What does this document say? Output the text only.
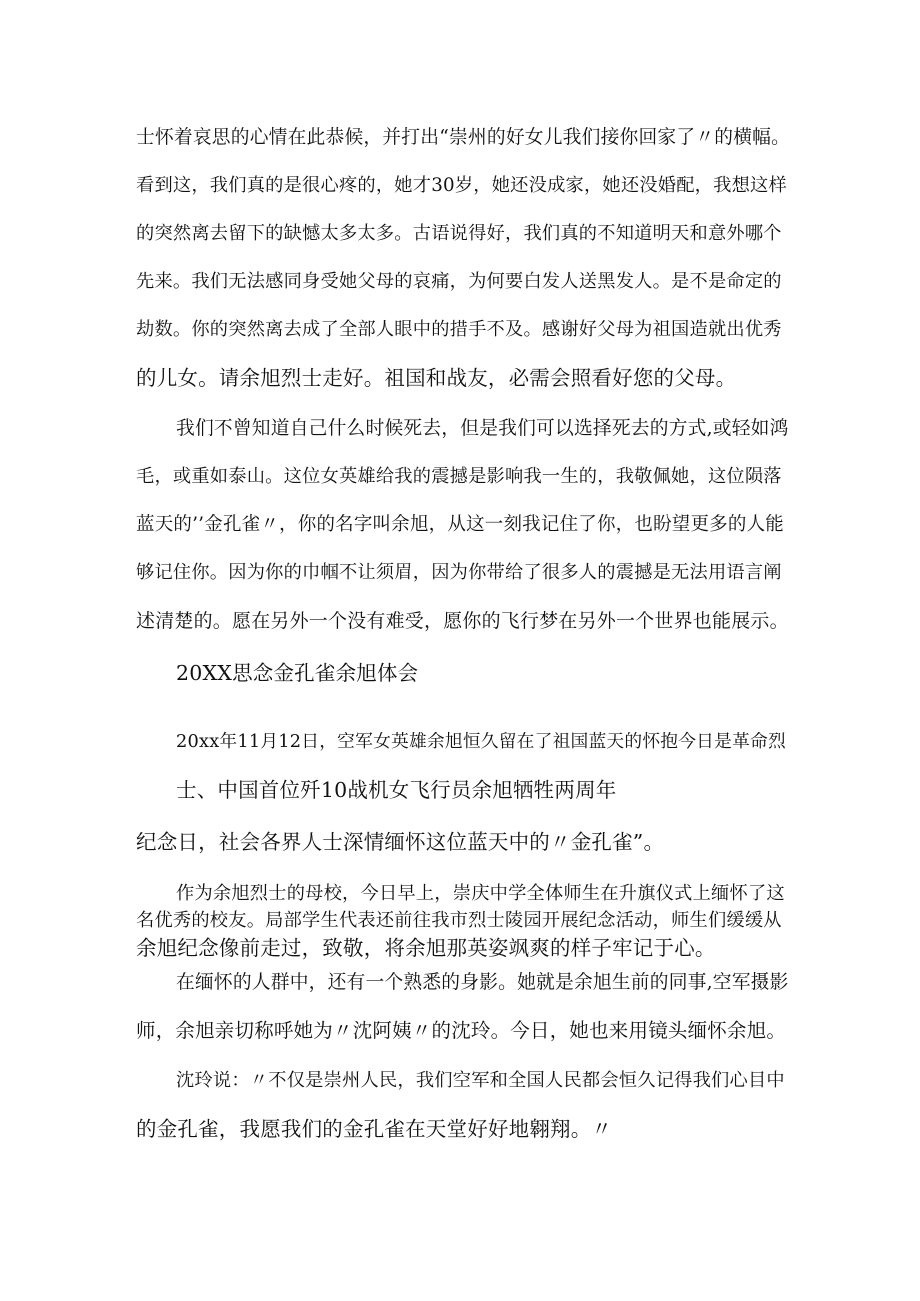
士怀着哀思的心情在此恭候，并打出“崇州的好女儿我们接你回家了〃的横幅。
看到这，我们真的是很心疼的，她才30岁，她还没成家，她还没婚配，我想这样
的突然离去留下的缺憾太多太多。古语说得好，我们真的不知道明天和意外哪个
先来。我们无法感同身受她父母的哀痛，为何要白发人送黑发人。是不是命定的
劫数。你的突然离去成了全部人眼中的措手不及。感谢好父母为祖国造就出优秀
的儿女。请余旭烈士走好。祖国和战友，必需会照看好您的父母。
我们不曾知道自己什么时候死去，但是我们可以选择死去的方式,或轻如鸿
毛，或重如泰山。这位女英雄给我的震撼是影响我一生的，我敬佩她，这位陨落
蓝天的’’金孔雀〃，你的名字叫余旭，从这一刻我记住了你，也盼望更多的人能
够记住你。因为你的巾帼不让须眉，因为你带给了很多人的震撼是无法用语言阐
述清楚的。愿在另外一个没有难受，愿你的飞行梦在另外一个世界也能展示。
20XX思念金孔雀余旭体会
20xx年11月12日，空军女英雄余旭恒久留在了祖国蓝天的怀抱今日是革命烈
士、中国首位歼10战机女飞行员余旭牺牲两周年
纪念日，社会各界人士深情缅怀这位蓝天中的〃金孔雀”。
作为余旭烈士的母校，今日早上，崇庆中学全体师生在升旗仪式上缅怀了这
名优秀的校友。局部学生代表还前往我市烈士陵园开展纪念活动，师生们缓缓从
余旭纪念像前走过，致敬，将余旭那英姿飒爽的样子牢记于心。
在缅怀的人群中，还有一个熟悉的身影。她就是余旭生前的同事,空军摄影
师，余旭亲切称呼她为〃沈阿姨〃的沈玲。今日，她也来用镜头缅怀余旭。
沈玲说：〃不仅是崇州人民，我们空军和全国人民都会恒久记得我们心目中
的金孔雀，我愿我们的金孔雀在天堂好好地翱翔。〃
